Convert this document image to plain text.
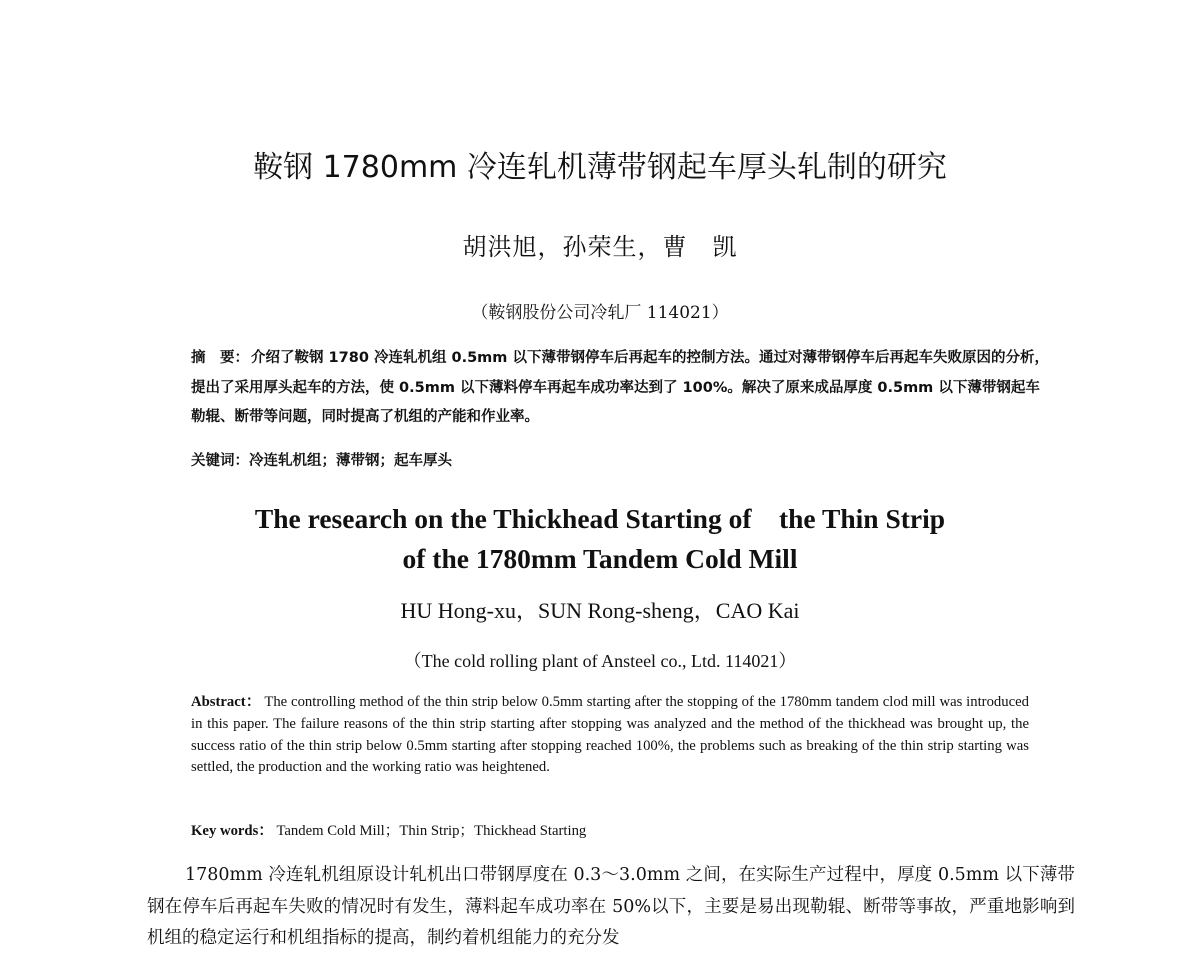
鞍钢 1780mm 冷连轧机薄带钢起车厚头轧制的研究

胡洪旭，孙荣生，曹　凯

（鞍钢股份公司冷轧厂 114021）

摘　要： 介绍了鞍钢 1780 冷连轧机组 0.5mm 以下薄带钢停车后再起车的控制方法。通过对薄带钢停车后再起车失败原因的分析，提出了采用厚头起车的方法，使 0.5mm 以下薄料停车再起车成功率达到了 100%。解决了原来成品厚度 0.5mm 以下薄带钢起车勒辊、断带等问题，同时提高了机组的产能和作业率。

关键词：冷连轧机组；薄带钢；起车厚头

The research on the Thickhead Starting of　the Thin Strip
of the 1780mm Tandem Cold Mill

HU Hong-xu，SUN Rong-sheng，CAO Kai

（The cold rolling plant of Ansteel co., Ltd. 114021）

Abstract： The controlling method of the thin strip below 0.5mm starting after the stopping of the 1780mm tandem clod mill was introduced in this paper. The failure reasons of the thin strip starting after stopping was analyzed and the method of the thickhead was brought up, the success ratio of the thin strip below 0.5mm starting after stopping reached 100%, the problems such as breaking of the thin strip starting was settled, the production and the working ratio was heightened.

Key words： Tandem Cold Mill；Thin Strip；Thickhead Starting

1780mm 冷连轧机组原设计轧机出口带钢厚度在 0.3～3.0mm 之间，在实际生产过程中，厚度 0.5mm 以下薄带钢在停车后再起车失败的情况时有发生，薄料起车成功率在 50%以下，主要是易出现勒辊、断带等事故，严重地影响到机组的稳定运行和机组指标的提高，制约着机组能力的充分发
